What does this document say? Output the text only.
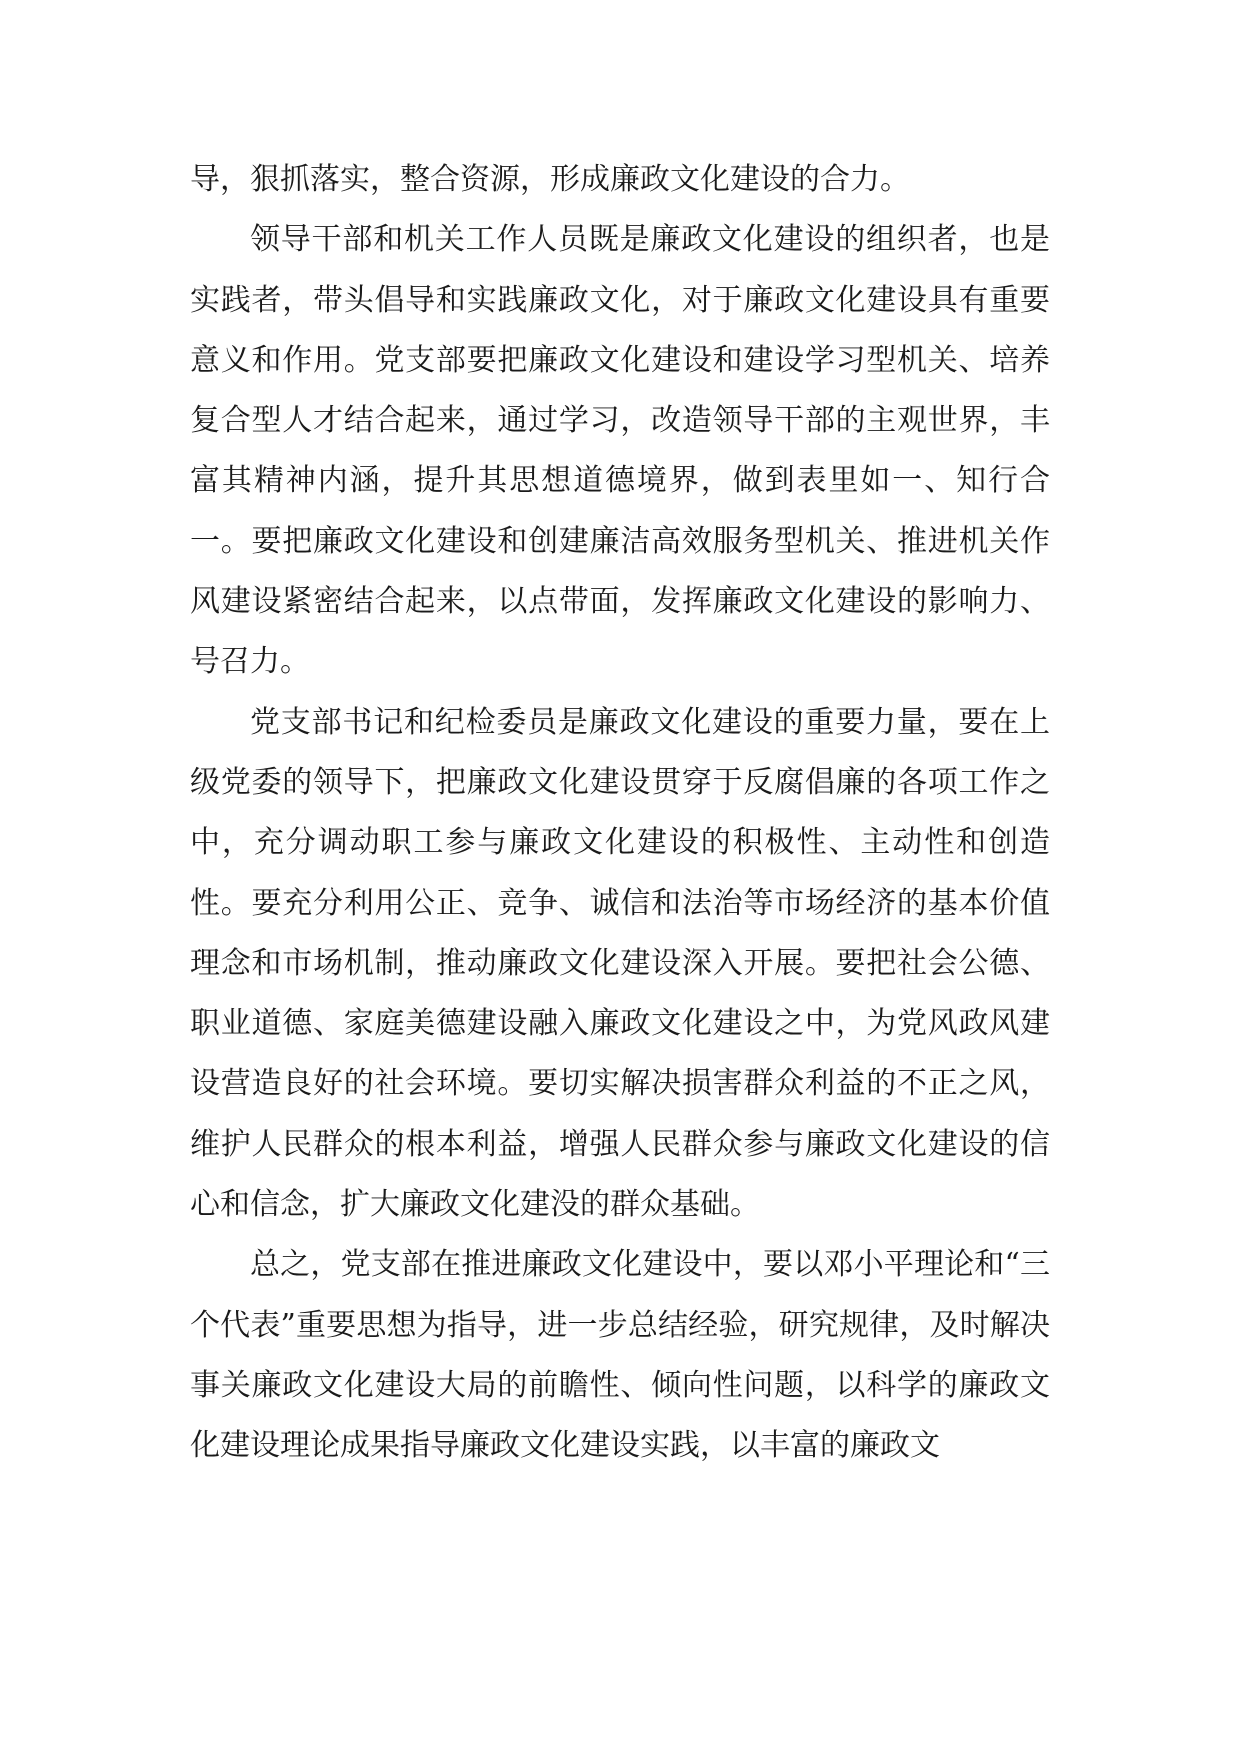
导，狠抓落实，整合资源，形成廉政文化建设的合力。

领导干部和机关工作人员既是廉政文化建设的组织者，也是实践者，带头倡导和实践廉政文化，对于廉政文化建设具有重要意义和作用。党支部要把廉政文化建设和建设学习型机关、培养复合型人才结合起来，通过学习，改造领导干部的主观世界，丰富其精神内涵，提升其思想道德境界，做到表里如一、知行合一。要把廉政文化建设和创建廉洁高效服务型机关、推进机关作风建设紧密结合起来，以点带面，发挥廉政文化建设的影响力、号召力。

党支部书记和纪检委员是廉政文化建设的重要力量，要在上级党委的领导下，把廉政文化建设贯穿于反腐倡廉的各项工作之中，充分调动职工参与廉政文化建设的积极性、主动性和创造性。要充分利用公正、竞争、诚信和法治等市场经济的基本价值理念和市场机制，推动廉政文化建设深入开展。要把社会公德、职业道德、家庭美德建设融入廉政文化建设之中，为党风政风建设营造良好的社会环境。要切实解决损害群众利益的不正之风，维护人民群众的根本利益，增强人民群众参与廉政文化建设的信心和信念，扩大廉政文化建没的群众基础。

总之，党支部在推进廉政文化建设中，要以邓小平理论和“三个代表”重要思想为指导，进一步总结经验，研究规律，及时解决事关廉政文化建设大局的前瞻性、倾向性问题，以科学的廉政文化建设理论成果指导廉政文化建设实践，以丰富的廉政文
